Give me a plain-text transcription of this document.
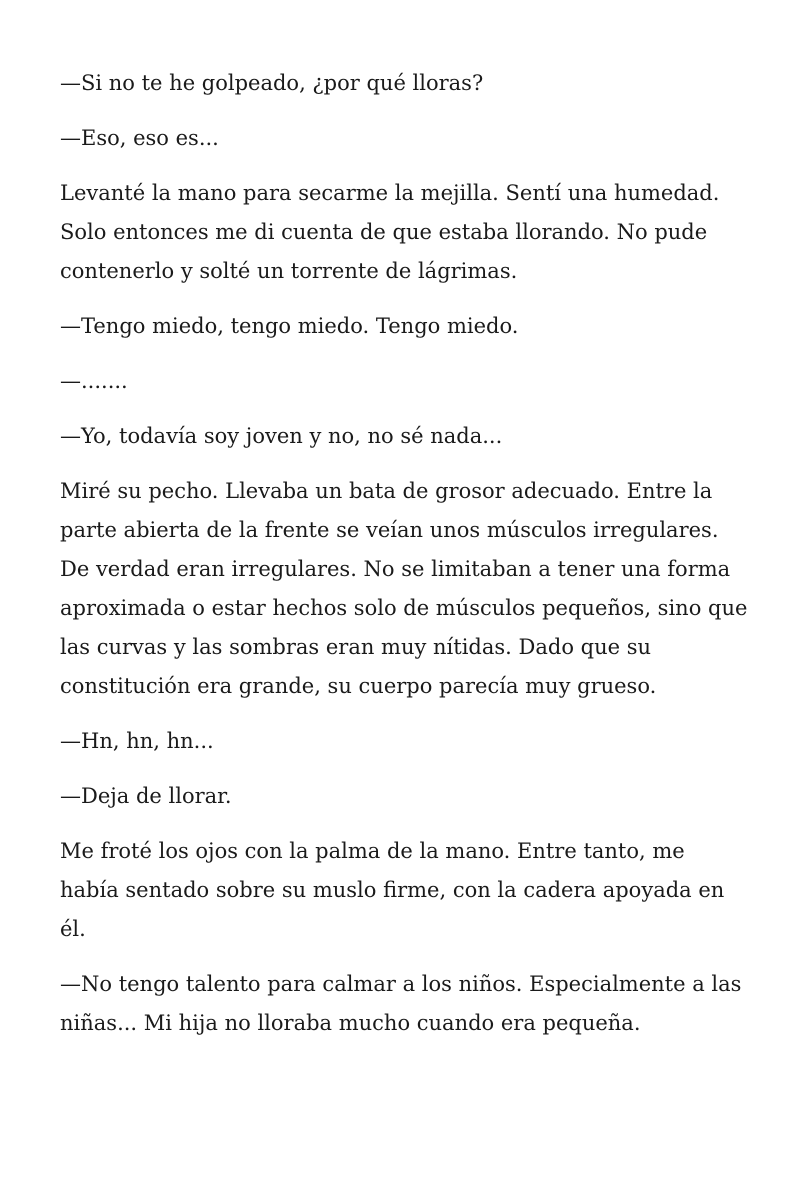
—Si no te he golpeado, ¿por qué lloras?

—Eso, eso es...

Levanté la mano para secarme la mejilla. Sentí una humedad. Solo entonces me di cuenta de que estaba llorando. No pude contenerlo y solté un torrente de lágrimas.

—Tengo miedo, tengo miedo. Tengo miedo.

—.......

—Yo, todavía soy joven y no, no sé nada...

Miré su pecho. Llevaba un bata de grosor adecuado. Entre la parte abierta de la frente se veían unos músculos irregulares. De verdad eran irregulares. No se limitaban a tener una forma aproximada o estar hechos solo de músculos pequeños, sino que las curvas y las sombras eran muy nítidas. Dado que su constitución era grande, su cuerpo parecía muy grueso.

—Hn, hn, hn...

—Deja de llorar.

Me froté los ojos con la palma de la mano. Entre tanto, me había sentado sobre su muslo firme, con la cadera apoyada en él.

—No tengo talento para calmar a los niños. Especialmente a las niñas... Mi hija no lloraba mucho cuando era pequeña.
